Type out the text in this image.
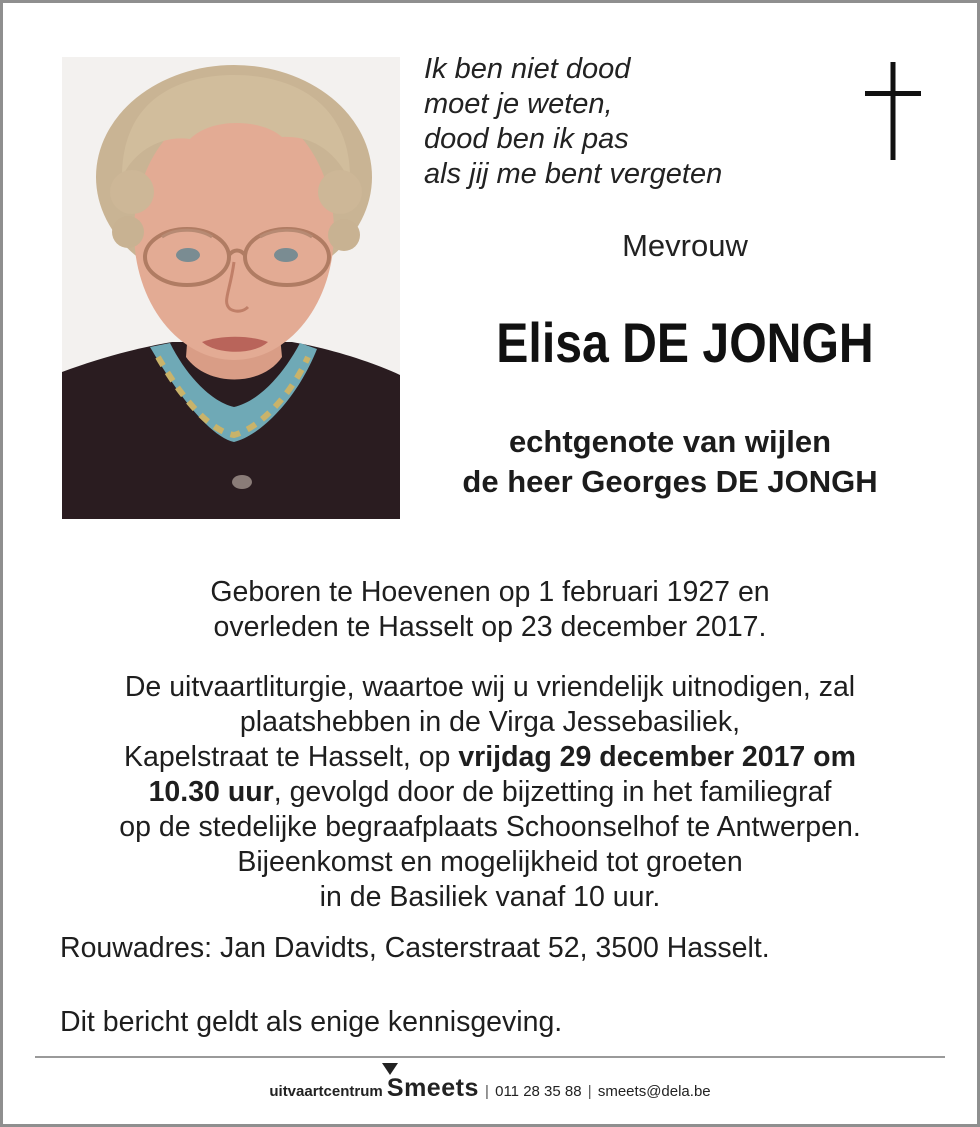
Ik ben niet dood
moet je weten,
dood ben ik pas
als jij me bent vergeten
Mevrouw
Elisa DE JONGH
echtgenote van wijlen
de heer Georges DE JONGH
Geboren te Hoevenen op 1 februari 1927 en
overleden te Hasselt op 23 december 2017.
De uitvaartliturgie, waartoe wij u vriendelijk uitnodigen, zal
plaatshebben in de Virga Jessebasiliek,
Kapelstraat te Hasselt, op vrijdag 29 december 2017 om
10.30 uur, gevolgd door de bijzetting in het familiegraf
op de stedelijke begraafplaats Schoonselhof te Antwerpen.
Bijeenkomst en mogelijkheid tot groeten
in de Basiliek vanaf 10 uur.
Rouwadres: Jan Davidts, Casterstraat 52, 3500 Hasselt.
Dit bericht geldt als enige kennisgeving.
uitvaartcentrum Smeets | 011 28 35 88 | smeets@dela.be
